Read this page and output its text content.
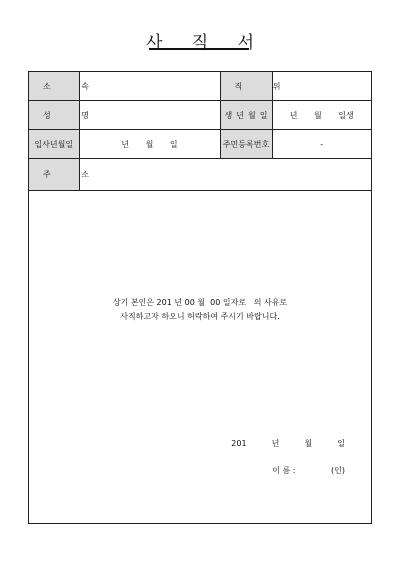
사 직 서
소 속		직 위	
성 명		생년월일	년 월 일생
입사년월일	년 월 일	주민등록번호	-
주 소			
상기 본인은 201 년 00 월  00 일자로   의 사유로
사직하고자 하오니 허락하여 주시기 바랍니다.
201  년  월  일
이 름 :              (인)
